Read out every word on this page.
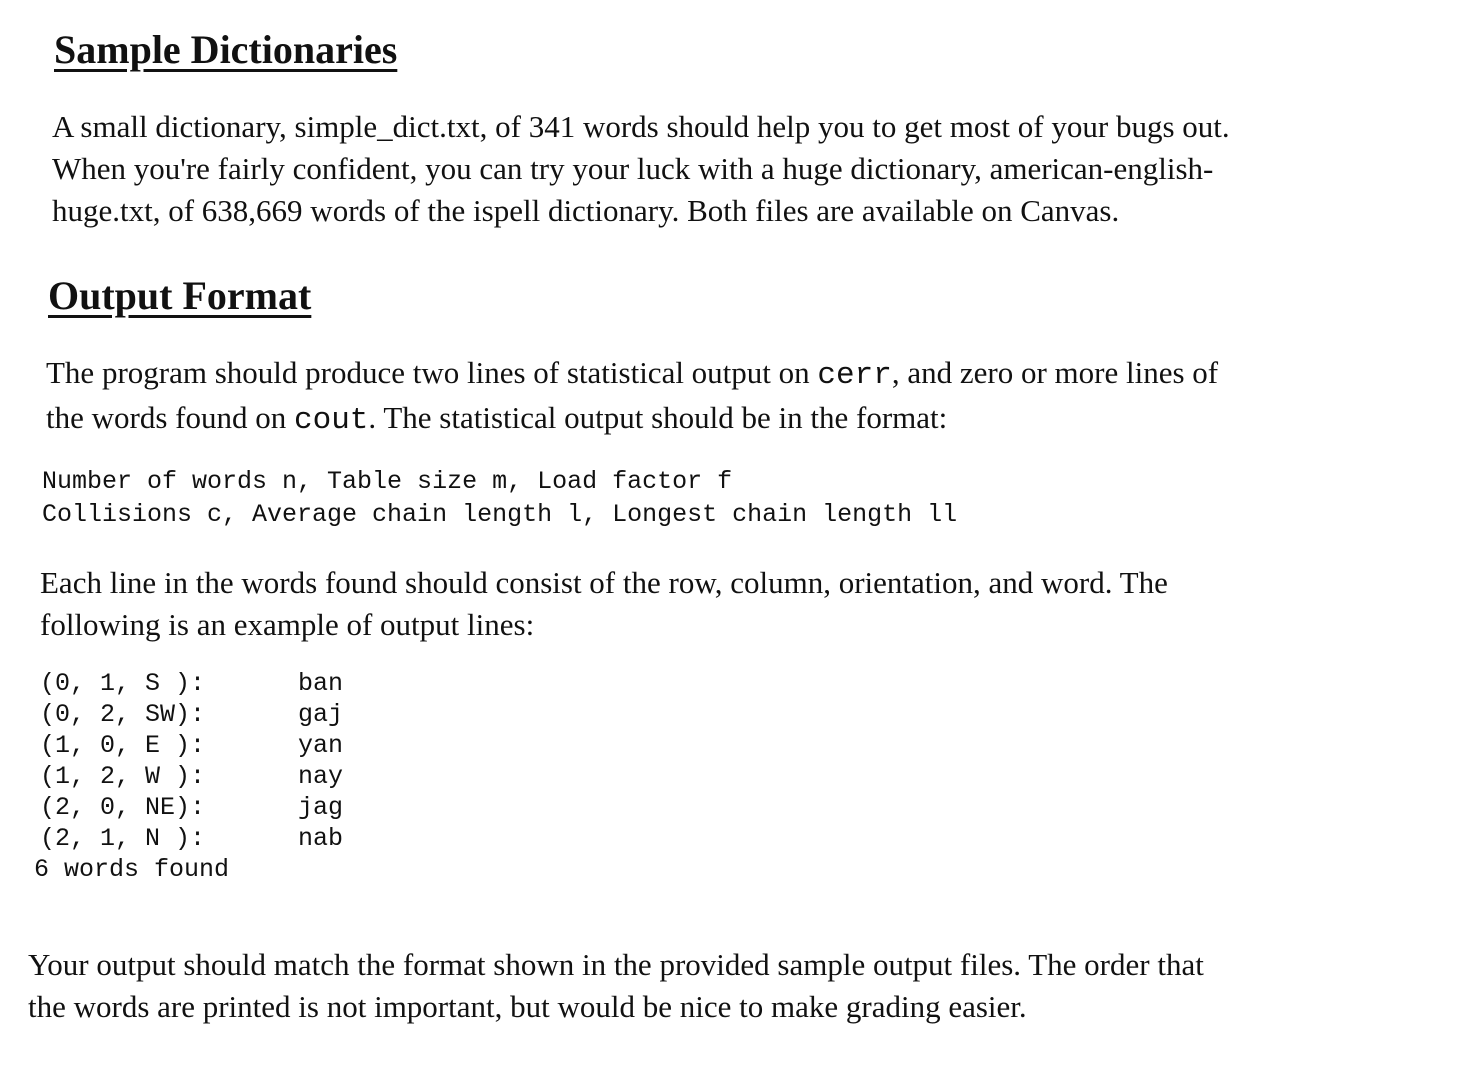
Sample Dictionaries
A small dictionary, simple_dict.txt, of 341 words should help you to get most of your bugs out.
When you're fairly confident, you can try your luck with a huge dictionary, american-english-
huge.txt, of 638,669 words of the ispell dictionary. Both files are available on Canvas.
Output Format
The program should produce two lines of statistical output on cerr, and zero or more lines of
the words found on cout. The statistical output should be in the format:
Number of words n, Table size m, Load factor f
Collisions c, Average chain length l, Longest chain length ll
Each line in the words found should consist of the row, column, orientation, and word. The
following is an example of output lines:
(0, 1, S ):	ban
(0, 2, SW):	gaj
(1, 0, E ):	yan
(1, 2, W ):	nay
(2, 0, NE):	jag
(2, 1, N ):	nab
6 words found
Your output should match the format shown in the provided sample output files. The order that
the words are printed is not important, but would be nice to make grading easier.
